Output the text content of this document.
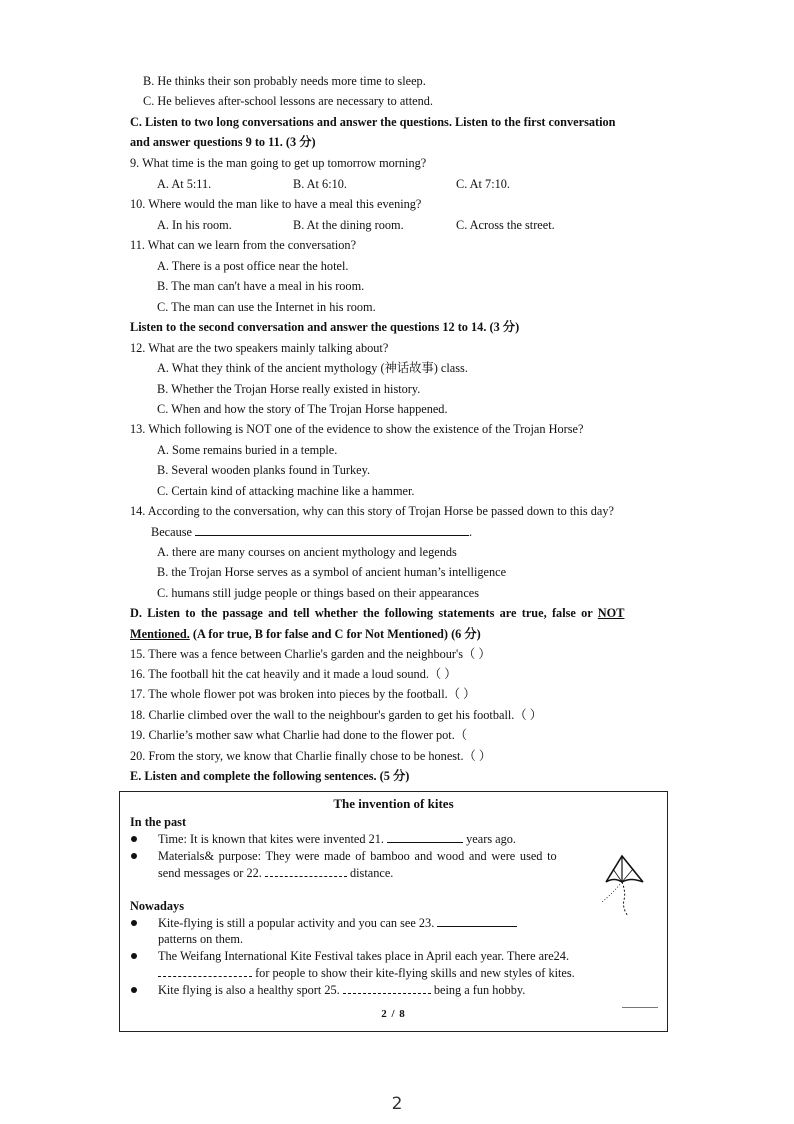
B. He thinks their son probably needs more time to sleep.
C. He believes after-school lessons are necessary to attend.
C. Listen to two long conversations and answer the questions. Listen to the first conversation
and answer questions 9 to 11. (3 分)
9. What time is the man going to get up tomorrow morning?
A. At 5:11.	B. At 6:10.	C. At 7:10.
10. Where would the man like to have a meal this evening?
A. In his room.	B. At the dining room.	C. Across the street.
11. What can we learn from the conversation?
A. There is a post office near the hotel.
B. The man can't have a meal in his room.
C. The man can use the Internet in his room.
Listen to the second conversation and answer the questions 12 to 14. (3 分)
12. What are the two speakers mainly talking about?
A. What they think of the ancient mythology (神话故事) class.
B. Whether the Trojan Horse really existed in history.
C. When and how the story of The Trojan Horse happened.
13. Which following is NOT one of the evidence to show the existence of the Trojan Horse?
A. Some remains buried in a temple.
B. Several wooden planks found in Turkey.
C. Certain kind of attacking machine like a hammer.
14. According to the conversation, why can this story of Trojan Horse be passed down to this day?
Because	.
A. there are many courses on ancient mythology and legends
B. the Trojan Horse serves as a symbol of ancient human’s intelligence
C. humans still judge people or things based on their appearances
D. Listen to the passage and tell whether the following statements are true, false or NOT
Mentioned. (A for true, B for false and C for Not Mentioned) (6 分)
15. There was a fence between Charlie's garden and the neighbour's（ ）
16. The football hit the cat heavily and it made a loud sound.（ ）
17. The whole flower pot was broken into pieces by the football.（ ）
18. Charlie climbed over the wall to the neighbour's garden to get his football.（ ）
19. Charlie’s mother saw what Charlie had done to the flower pot.（
20. From the story, we know that Charlie finally chose to be honest.（ ）
E. Listen and complete the following sentences. (5 分)
The invention of kites
In the past
Time: It is known that kites were invented 21.	years ago.
Materials& purpose: They were made of bamboo and wood and were used to
send messages or 22.	distance.
Nowadays
Kite-flying is still a popular activity and you can see 23.
patterns on them.
The Weifang International Kite Festival takes place in April each year. There are24.
for people to show their kite-flying skills and new styles of kites.
Kite flying is also a healthy sport 25.	being a fun hobby.
2 / 8
2
